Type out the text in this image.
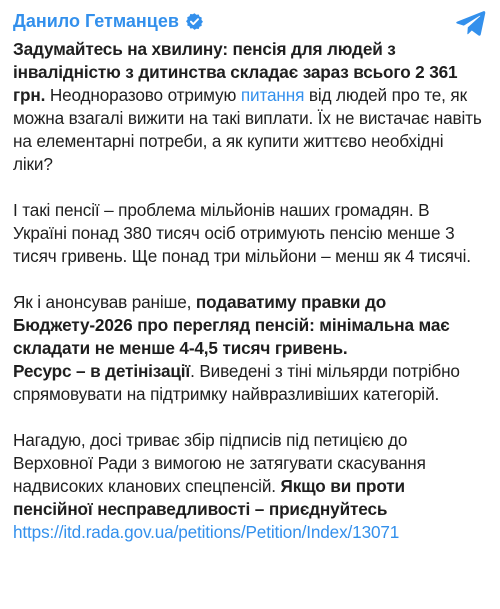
Данило Гетманцев

Задумайтесь на хвилину: пенсія для людей з інвалідністю з дитинства складає зараз всього 2 361 грн. Неодноразово отримую питання від людей про те, як можна взагалі вижити на такі виплати. Їх не вистачає навіть на елементарні потреби, а як купити життєво необхідні ліки?

І такі пенсії – проблема мільйонів наших громадян. В Україні понад 380 тисяч осіб отримують пенсію менше 3 тисяч гривень. Ще понад три мільйони – менш як 4 тисячі.

Як і анонсував раніше, подаватиму правки до Бюджету-2026 про перегляд пенсій: мінімальна має складати не менше 4-4,5 тисяч гривень.
Ресурс – в детінізації. Виведені з тіні мільярди потрібно спрямовувати на підтримку найвразливіших категорій.

Нагадую, досі триває збір підписів під петицією до Верховної Ради з вимогою не затягувати скасування надвисоких кланових спецпенсій. Якщо ви проти пенсійної несправедливості – приєднуйтесь
https://itd.rada.gov.ua/petitions/Petition/Index/13071
